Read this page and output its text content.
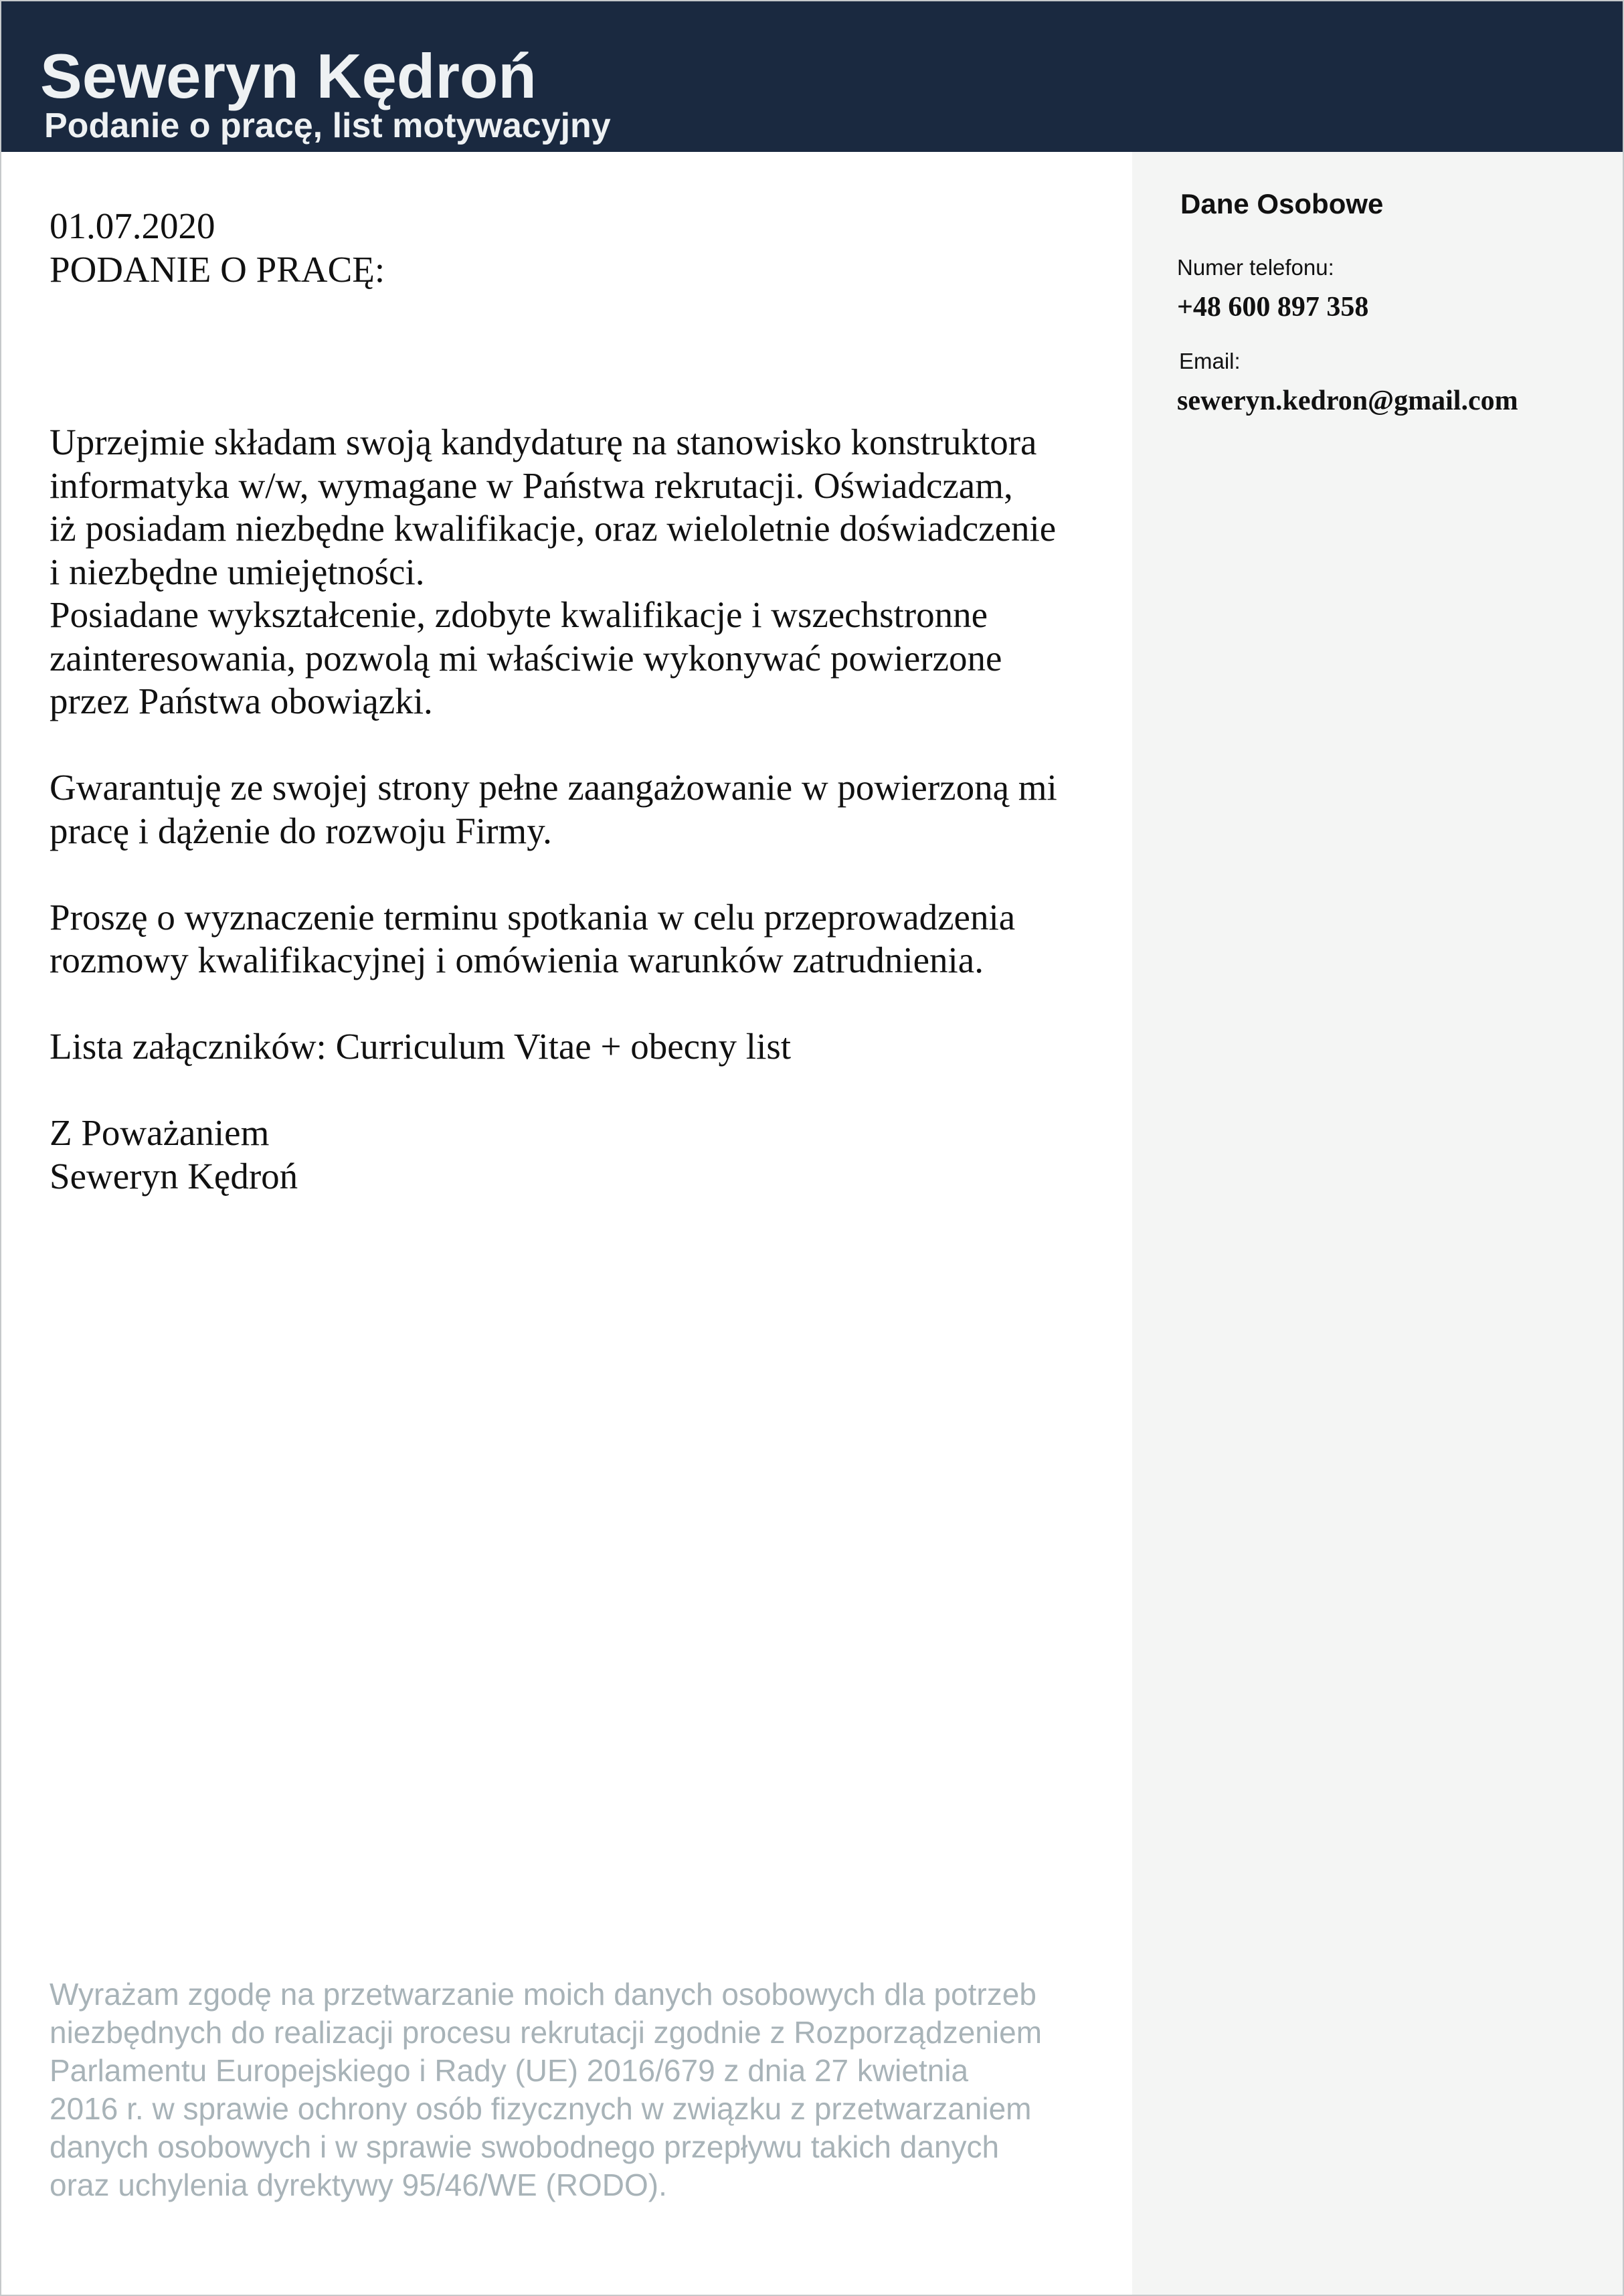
Seweryn Kędroń
Podanie o pracę, list motywacyjny
Dane Osobowe
Numer telefonu:
+48 600 897 358
Email:
seweryn.kedron@gmail.com
01.07.2020
PODANIE O PRACĘ:
Uprzejmie składam swoją kandydaturę na stanowisko konstruktora
informatyka w/w, wymagane w Państwa rekrutacji. Oświadczam,
iż posiadam niezbędne kwalifikacje, oraz wieloletnie doświadczenie
i niezbędne umiejętności.
Posiadane wykształcenie, zdobyte kwalifikacje i wszechstronne
zainteresowania, pozwolą mi właściwie wykonywać powierzone
przez Państwa obowiązki.
Gwarantuję ze swojej strony pełne zaangażowanie w powierzoną mi
pracę i dążenie do rozwoju Firmy.
Proszę o wyznaczenie terminu spotkania w celu przeprowadzenia
rozmowy kwalifikacyjnej i omówienia warunków zatrudnienia.
Lista załączników: Curriculum Vitae + obecny list
Z Poważaniem
Seweryn Kędroń
Wyrażam zgodę na przetwarzanie moich danych osobowych dla potrzeb
niezbędnych do realizacji procesu rekrutacji zgodnie z Rozporządzeniem
Parlamentu Europejskiego i Rady (UE) 2016/679 z dnia 27 kwietnia
2016 r. w sprawie ochrony osób fizycznych w związku z przetwarzaniem
danych osobowych i w sprawie swobodnego przepływu takich danych
oraz uchylenia dyrektywy 95/46/WE (RODO).
